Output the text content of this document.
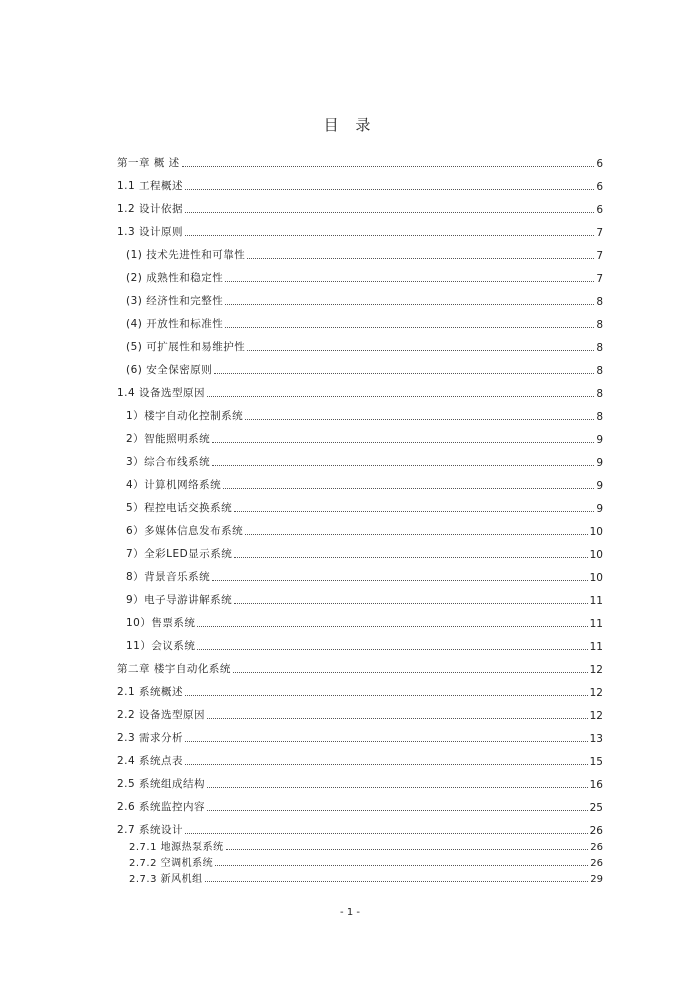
目 录
第一章 概 述	6
1.1 工程概述	6
1.2 设计依据	6
1.3 设计原则	7
(1) 技术先进性和可靠性	7
(2) 成熟性和稳定性	7
(3) 经济性和完整性	8
(4) 开放性和标准性	8
(5) 可扩展性和易维护性	8
(6) 安全保密原则	8
1.4 设备选型原因	8
1）楼宇自动化控制系统	8
2）智能照明系统	9
3）综合布线系统	9
4）计算机网络系统	9
5）程控电话交换系统	9
6）多媒体信息发布系统	10
7）全彩LED显示系统	10
8）背景音乐系统	10
9）电子导游讲解系统	11
10）售票系统	11
11）会议系统	11
第二章 楼宇自动化系统	12
2.1 系统概述	12
2.2 设备选型原因	12
2.3 需求分析	13
2.4 系统点表	15
2.5 系统组成结构	16
2.6 系统监控内容	25
2.7 系统设计	26
2.7.1 地源热泵系统	26
2.7.2 空调机系统	26
2.7.3 新风机组	29
- 1 -
